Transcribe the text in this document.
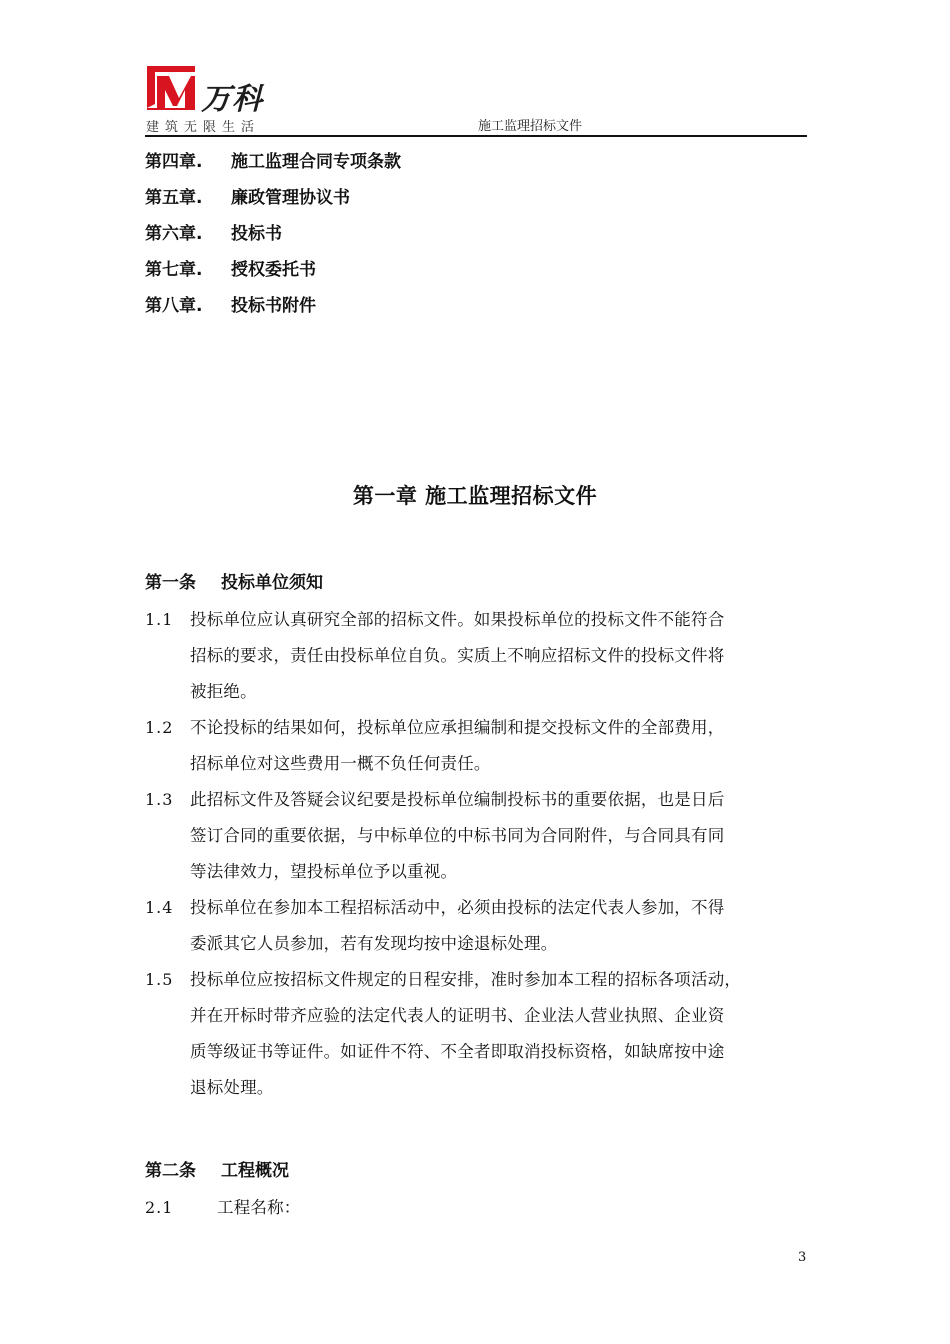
万科
建筑无限生活	施工监理招标文件
第四章. 施工监理合同专项条款
第五章. 廉政管理协议书
第六章. 投标书
第七章. 授权委托书
第八章. 投标书附件
第一章 施工监理招标文件
第一条 投标单位须知
1.1 投标单位应认真研究全部的招标文件。如果投标单位的投标文件不能符合
招标的要求，责任由投标单位自负。实质上不响应招标文件的投标文件将
被拒绝。
1.2 不论投标的结果如何，投标单位应承担编制和提交投标文件的全部费用，
招标单位对这些费用一概不负任何责任。
1.3 此招标文件及答疑会议纪要是投标单位编制投标书的重要依据，也是日后
签订合同的重要依据，与中标单位的中标书同为合同附件，与合同具有同
等法律效力，望投标单位予以重视。
1.4 投标单位在参加本工程招标活动中，必须由投标的法定代表人参加，不得
委派其它人员参加，若有发现均按中途退标处理。
1.5 投标单位应按招标文件规定的日程安排，准时参加本工程的招标各项活动，
并在开标时带齐应验的法定代表人的证明书、企业法人营业执照、企业资
质等级证书等证件。如证件不符、不全者即取消投标资格，如缺席按中途
退标处理。
第二条 工程概况
2.1	工程名称：
3
